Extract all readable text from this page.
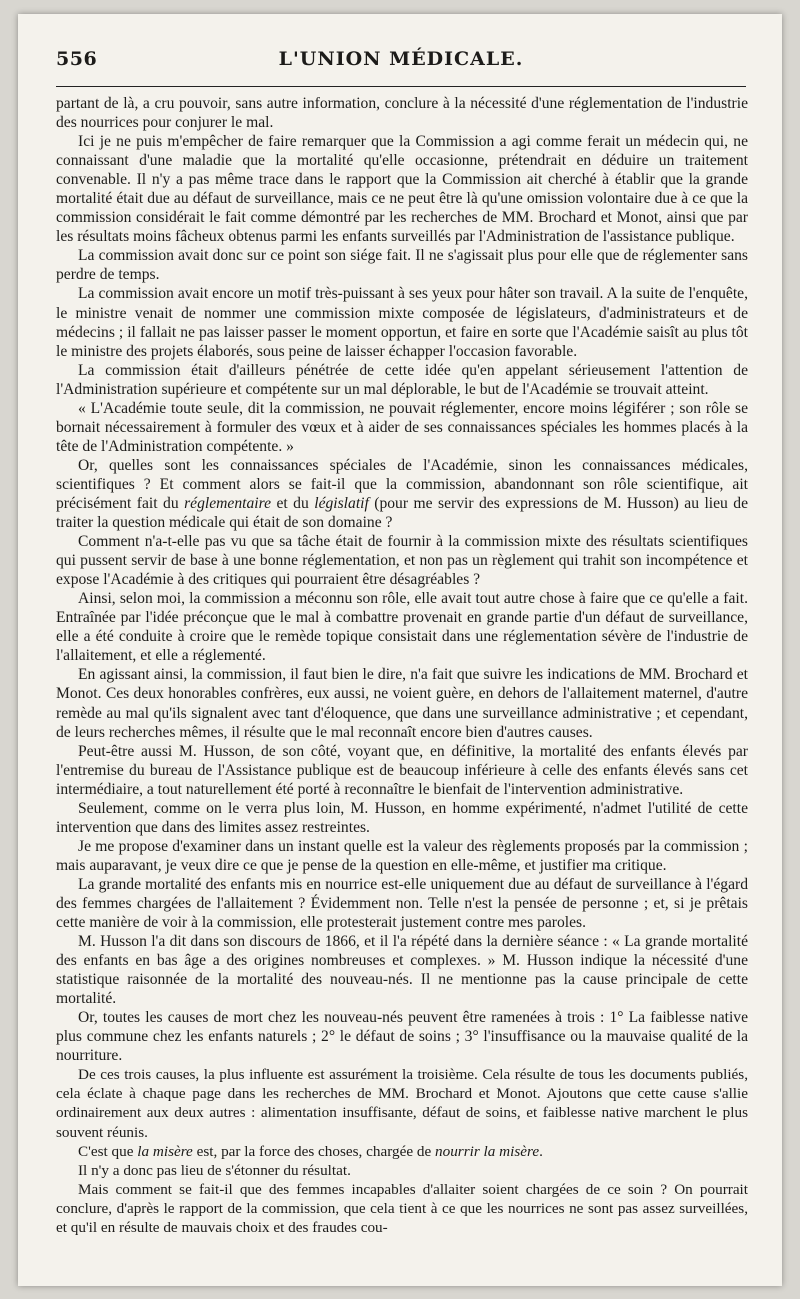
556	L'UNION MÉDICALE.

partant de là, a cru pouvoir, sans autre information, conclure à la nécessité d'une réglementation de l'industrie des nourrices pour conjurer le mal.

Ici je ne puis m'empêcher de faire remarquer que la Commission a agi comme ferait un médecin qui, ne connaissant d'une maladie que la mortalité qu'elle occasionne, prétendrait en déduire un traitement convenable. Il n'y a pas même trace dans le rapport que la Commission ait cherché à établir que la grande mortalité était due au défaut de surveillance, mais ce ne peut être là qu'une omission volontaire due à ce que la commission considérait le fait comme démontré par les recherches de MM. Brochard et Monot, ainsi que par les résultats moins fâcheux obtenus parmi les enfants surveillés par l'Administration de l'assistance publique.

La commission avait donc sur ce point son siége fait. Il ne s'agissait plus pour elle que de réglementer sans perdre de temps.

La commission avait encore un motif très-puissant à ses yeux pour hâter son travail. A la suite de l'enquête, le ministre venait de nommer une commission mixte composée de législateurs, d'administrateurs et de médecins ; il fallait ne pas laisser passer le moment opportun, et faire en sorte que l'Académie saisît au plus tôt le ministre des projets élaborés, sous peine de laisser échapper l'occasion favorable.

La commission était d'ailleurs pénétrée de cette idée qu'en appelant sérieusement l'attention de l'Administration supérieure et compétente sur un mal déplorable, le but de l'Académie se trouvait atteint.

« L'Académie toute seule, dit la commission, ne pouvait réglementer, encore moins légiférer ; son rôle se bornait nécessairement à formuler des vœux et à aider de ses connaissances spéciales les hommes placés à la tête de l'Administration compétente. »

Or, quelles sont les connaissances spéciales de l'Académie, sinon les connaissances médicales, scientifiques ? Et comment alors se fait-il que la commission, abandonnant son rôle scientifique, ait précisément fait du réglementaire et du législatif (pour me servir des expressions de M. Husson) au lieu de traiter la question médicale qui était de son domaine ?

Comment n'a-t-elle pas vu que sa tâche était de fournir à la commission mixte des résultats scientifiques qui pussent servir de base à une bonne réglementation, et non pas un règlement qui trahit son incompétence et expose l'Académie à des critiques qui pourraient être désagréables ?

Ainsi, selon moi, la commission a méconnu son rôle, elle avait tout autre chose à faire que ce qu'elle a fait. Entraînée par l'idée préconçue que le mal à combattre provenait en grande partie d'un défaut de surveillance, elle a été conduite à croire que le remède topique consistait dans une réglementation sévère de l'industrie de l'allaitement, et elle a réglementé.

En agissant ainsi, la commission, il faut bien le dire, n'a fait que suivre les indications de MM. Brochard et Monot. Ces deux honorables confrères, eux aussi, ne voient guère, en dehors de l'allaitement maternel, d'autre remède au mal qu'ils signalent avec tant d'éloquence, que dans une surveillance administrative ; et cependant, de leurs recherches mêmes, il résulte que le mal reconnaît encore bien d'autres causes.

Peut-être aussi M. Husson, de son côté, voyant que, en définitive, la mortalité des enfants élevés par l'entremise du bureau de l'Assistance publique est de beaucoup inférieure à celle des enfants élevés sans cet intermédiaire, a tout naturellement été porté à reconnaître le bienfait de l'intervention administrative.

Seulement, comme on le verra plus loin, M. Husson, en homme expérimenté, n'admet l'utilité de cette intervention que dans des limites assez restreintes.

Je me propose d'examiner dans un instant quelle est la valeur des règlements proposés par la commission ; mais auparavant, je veux dire ce que je pense de la question en elle-même, et justifier ma critique.

La grande mortalité des enfants mis en nourrice est-elle uniquement due au défaut de surveillance à l'égard des femmes chargées de l'allaitement ? Évidemment non. Telle n'est la pensée de personne ; et, si je prêtais cette manière de voir à la commission, elle protesterait justement contre mes paroles.

M. Husson l'a dit dans son discours de 1866, et il l'a répété dans la dernière séance : « La grande mortalité des enfants en bas âge a des origines nombreuses et complexes. » M. Husson indique la nécessité d'une statistique raisonnée de la mortalité des nouveau-nés. Il ne mentionne pas la cause principale de cette mortalité.

Or, toutes les causes de mort chez les nouveau-nés peuvent être ramenées à trois : 1° La faiblesse native plus commune chez les enfants naturels ; 2° le défaut de soins ; 3° l'insuffisance ou la mauvaise qualité de la nourriture.

De ces trois causes, la plus influente est assurément la troisième. Cela résulte de tous les documents publiés, cela éclate à chaque page dans les recherches de MM. Brochard et Monot. Ajoutons que cette cause s'allie ordinairement aux deux autres : alimentation insuffisante, défaut de soins, et faiblesse native marchent le plus souvent réunis.

C'est que la misère est, par la force des choses, chargée de nourrir la misère.

Il n'y a donc pas lieu de s'étonner du résultat.

Mais comment se fait-il que des femmes incapables d'allaiter soient chargées de ce soin ? On pourrait conclure, d'après le rapport de la commission, que cela tient à ce que les nourrices ne sont pas assez surveillées, et qu'il en résulte de mauvais choix et des fraudes cou-
